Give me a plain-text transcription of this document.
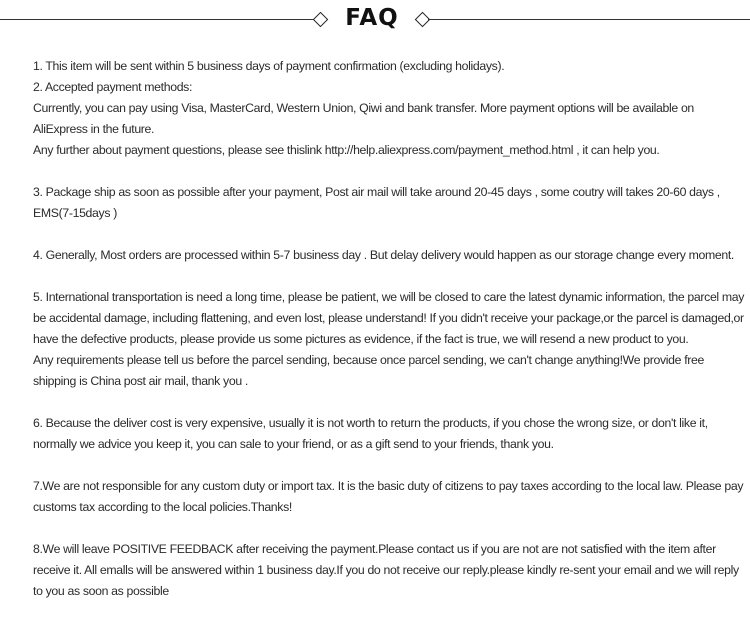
FAQ

1. This item will be sent within 5 business days of payment confirmation (excluding holidays).

2. Accepted payment methods:

Currently, you can pay using Visa, MasterCard, Western Union, Qiwi and bank transfer. More payment options will be available on AliExpress in the future.

Any further about payment questions, please see thislink http://help.aliexpress.com/payment_method.html , it can help you.

3. Package ship as soon as possible after your payment, Post air mail will take around 20-45 days , some coutry will takes 20-60 days , EMS(7-15days )

4. Generally, Most orders are processed within 5-7 business day . But delay delivery would happen as our storage change every moment.

5. International transportation is need a long time, please be patient, we will be closed to care the latest dynamic information, the parcel may be accidental damage, including flattening, and even lost, please understand! If you didn't receive your package,or the parcel is damaged,or have the defective products, please provide us some pictures as evidence, if the fact is true, we will resend a new product to you.

Any requirements please tell us before the parcel sending, because once parcel sending, we can't change anything!We provide free shipping is China post air mail, thank you .

6. Because the deliver cost is very expensive, usually it is not worth to return the products, if you chose the wrong size, or don't like it, normally we advice you keep it, you can sale to your friend, or as a gift send to your friends, thank you.

7.We are not responsible for any custom duty or import tax. It is the basic duty of citizens to pay taxes according to the local law. Please pay customs tax according to the local policies.Thanks!

8.We will leave POSITIVE FEEDBACK after receiving the payment.Please contact us if you are not are not satisfied with the item after receive it. All emalls will be answered within 1 business day.If you do not receive our reply.please kindly re-sent your email and we will reply to you as soon as possible
